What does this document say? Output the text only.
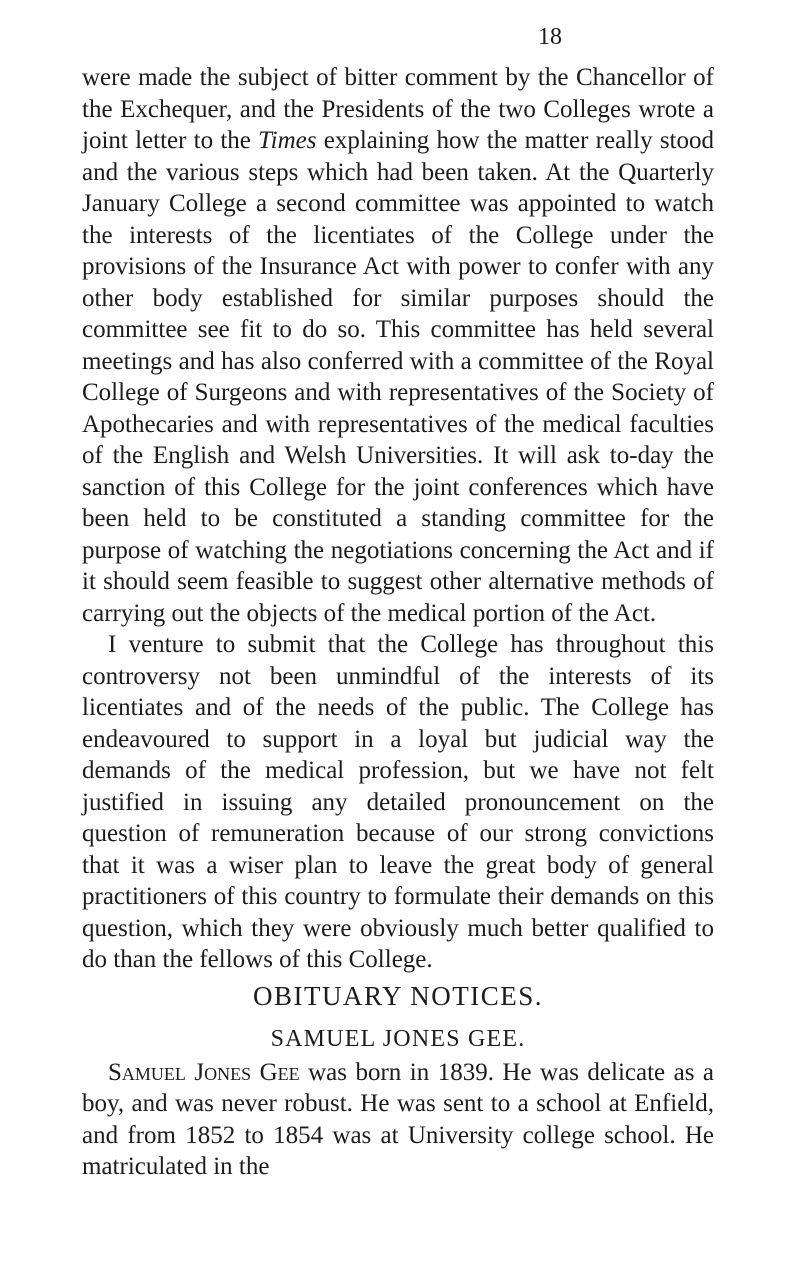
18

were made the subject of bitter comment by the Chancellor of the Exchequer, and the Presidents of the two Colleges wrote a joint letter to the Times explaining how the matter really stood and the various steps which had been taken. At the Quarterly January College a second committee was appointed to watch the interests of the licentiates of the College under the provisions of the Insurance Act with power to confer with any other body established for similar purposes should the committee see fit to do so. This committee has held several meetings and has also conferred with a committee of the Royal College of Surgeons and with representatives of the Society of Apothecaries and with representatives of the medical faculties of the English and Welsh Universities. It will ask to-day the sanction of this College for the joint conferences which have been held to be constituted a standing committee for the purpose of watching the negotiations concerning the Act and if it should seem feasible to suggest other alternative methods of carrying out the objects of the medical portion of the Act.

I venture to submit that the College has throughout this controversy not been unmindful of the interests of its licentiates and of the needs of the public. The College has endeavoured to support in a loyal but judicial way the demands of the medical profession, but we have not felt justified in issuing any detailed pronouncement on the question of remuneration because of our strong convictions that it was a wiser plan to leave the great body of general practitioners of this country to formulate their demands on this question, which they were obviously much better qualified to do than the fellows of this College.

OBITUARY NOTICES.
SAMUEL JONES GEE.

Samuel Jones Gee was born in 1839. He was delicate as a boy, and was never robust. He was sent to a school at Enfield, and from 1852 to 1854 was at University college school. He matriculated in the
